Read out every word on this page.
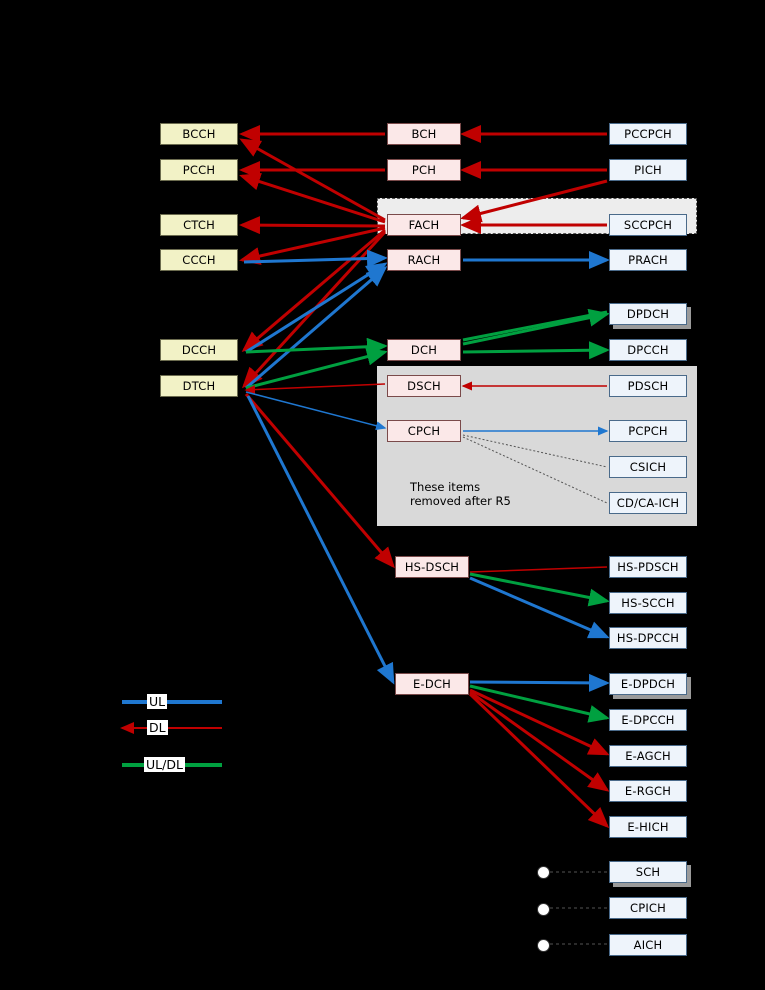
These items
removed after R5
BCCH
PCCH
CTCH
CCCH
DCCH
DTCH
BCH
PCH
FACH
RACH
DCH
DSCH
CPCH
HS-DSCH
E-DCH
PCCPCH
PICH
SCCPCH
PRACH
DPDCH
DPCCH
PDSCH
PCPCH
CSICH
CD/CA-ICH
HS-PDSCH
HS-SCCH
HS-DPCCH
E-DPDCH
E-DPCCH
E-AGCH
E-RGCH
E-HICH
SCH
CPICH
AICH
UL
DL
UL/DL
